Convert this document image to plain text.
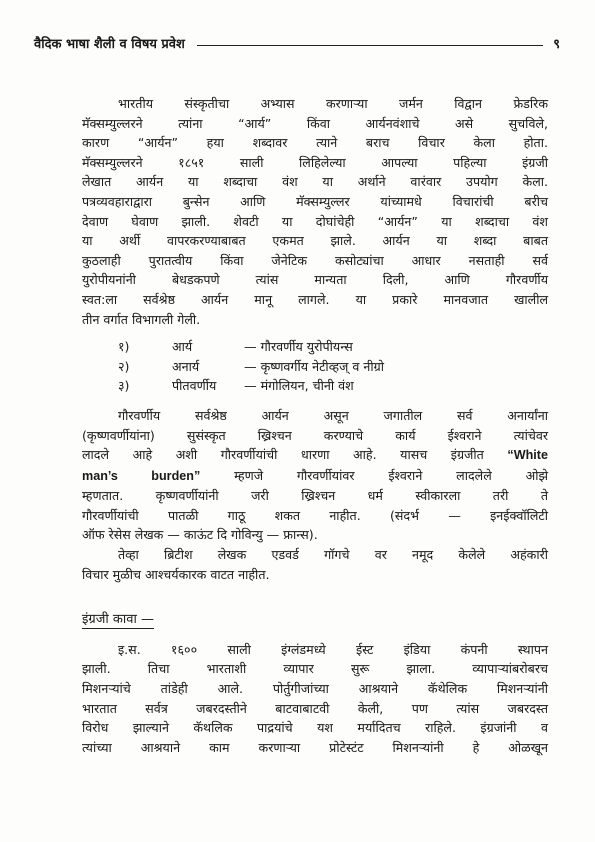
वैदिक भाषा शैली व विषय प्रवेश	९

भारतीय संस्कृतीचा अभ्यास करणाऱ्या जर्मन विद्वान फ्रेडरिक
मॅक्सम्युल्लरने त्यांना “आर्य” किंवा आर्यनवंशाचे असे सुचविले,
कारण “आर्यन” हया शब्दावर त्याने बराच विचार केला होता.
मॅक्सम्युल्लरने १८५१ साली लिहिलेल्या आपल्या पहिल्या इंग्रजी
लेखात आर्यन या शब्दाचा वंश या अर्थाने वारंवार उपयोग केला.
पत्रव्यवहाराद्वारा बुन्सेन आणि मॅक्सम्युल्लर यांच्यामधे विचारांची बरीच
देवाण घेवाण झाली. शेवटी या दोघांचेही “आर्यन” या शब्दाचा वंश
या अर्थी वापरकरण्याबाबत एकमत झाले. आर्यन या शब्दा बाबत
कुठलाही पुरातत्वीय किंवा जेनेटिक कसोट्यांचा आधार नसताही सर्व
युरोपीयनांनी बेधडकपणे त्यांस मान्यता दिली, आणि गौरवर्णीय
स्वत:ला सर्वश्रेष्ठ आर्यन मानू लागले. या प्रकारे मानवजात खालील
तीन वर्गात विभागली गेली.

१)	आर्य	— गौरवर्णीय युरोपीयन्स
२)	अनार्य	— कृष्णवर्गीय नेटीव्हज् व नीग्रो
३)	पीतवर्णीय	— मंगोलियन, चीनी वंश

गौरवर्णीय सर्वश्रेष्ठ आर्यन असून जगातील सर्व अनार्यांना
(कृष्णवर्णीयांना) सुसंस्कृत ख्रिश्चन करण्याचे कार्य ईश्वराने त्यांचेवर
लादले आहे अशी गौरवर्णीयांची धारणा आहे. यासच इंग्रजीत “White
man’s burden” म्हणजे गौरवर्णीयांवर ईश्वराने लादलेले ओझे
म्हणतात. कृष्णवर्णीयांनी जरी ख्रिश्चन धर्म स्वीकारला तरी ते
गौरवर्णीयांची पातळी गाठू शकत नाहीत. (संदर्भ — इनईक्वॉलिटी
ऑफ रेसेस लेखक — काऊंट दि गोविन्यु — फ्रान्स).

तेव्हा ब्रिटीश लेखक एडवर्ड गॉगचे वर नमूद केलेले अहंकारी
विचार मुळीच आश्चर्यकारक वाटत नाहीत.

इंग्रजी कावा —

इ.स. १६०० साली इंग्लंडमध्ये ईस्ट इंडिया कंपनी स्थापन
झाली. तिचा भारताशी व्यापार सुरू झाला. व्यापाऱ्यांबरोबरच
मिशनऱ्यांचे तांडेही आले. पोर्तुगीजांच्या आश्रयाने कॅथेलिक मिशनऱ्यांनी
भारतात सर्वत्र जबरदस्तीने बाटवाबाटवी केली, पण त्यांस जबरदस्त
विरोध झाल्याने कॅथलिक पाद्रयांचे यश मर्यादितच राहिले. इंग्रजांनी व
त्यांच्या आश्रयाने काम करणाऱ्या प्रोटेस्टंट मिशनऱ्यांनी हे ओळखून
